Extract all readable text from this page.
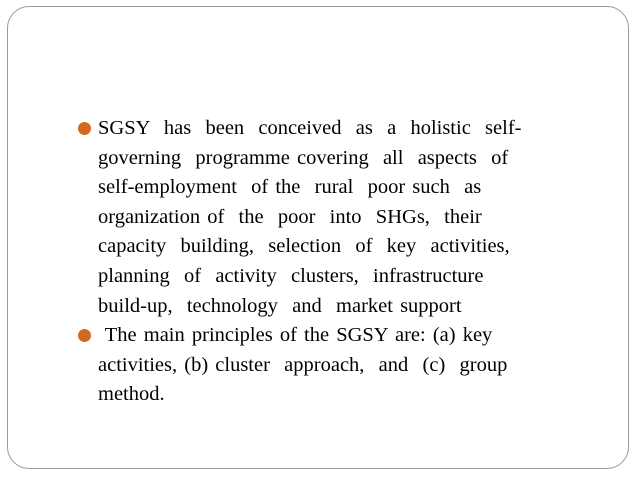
SGSY  has  been  conceived  as  a  holistic  self-
governing  programme covering  all  aspects  of
self-employment  of the  rural  poor such  as
organization of  the  poor  into  SHGs,  their
capacity  building,  selection  of  key  activities,
planning  of  activity  clusters,  infrastructure
build-up,  technology  and  market support
The main principles of the SGSY are: (a) key
activities, (b) cluster  approach,  and  (c)  group
method.
